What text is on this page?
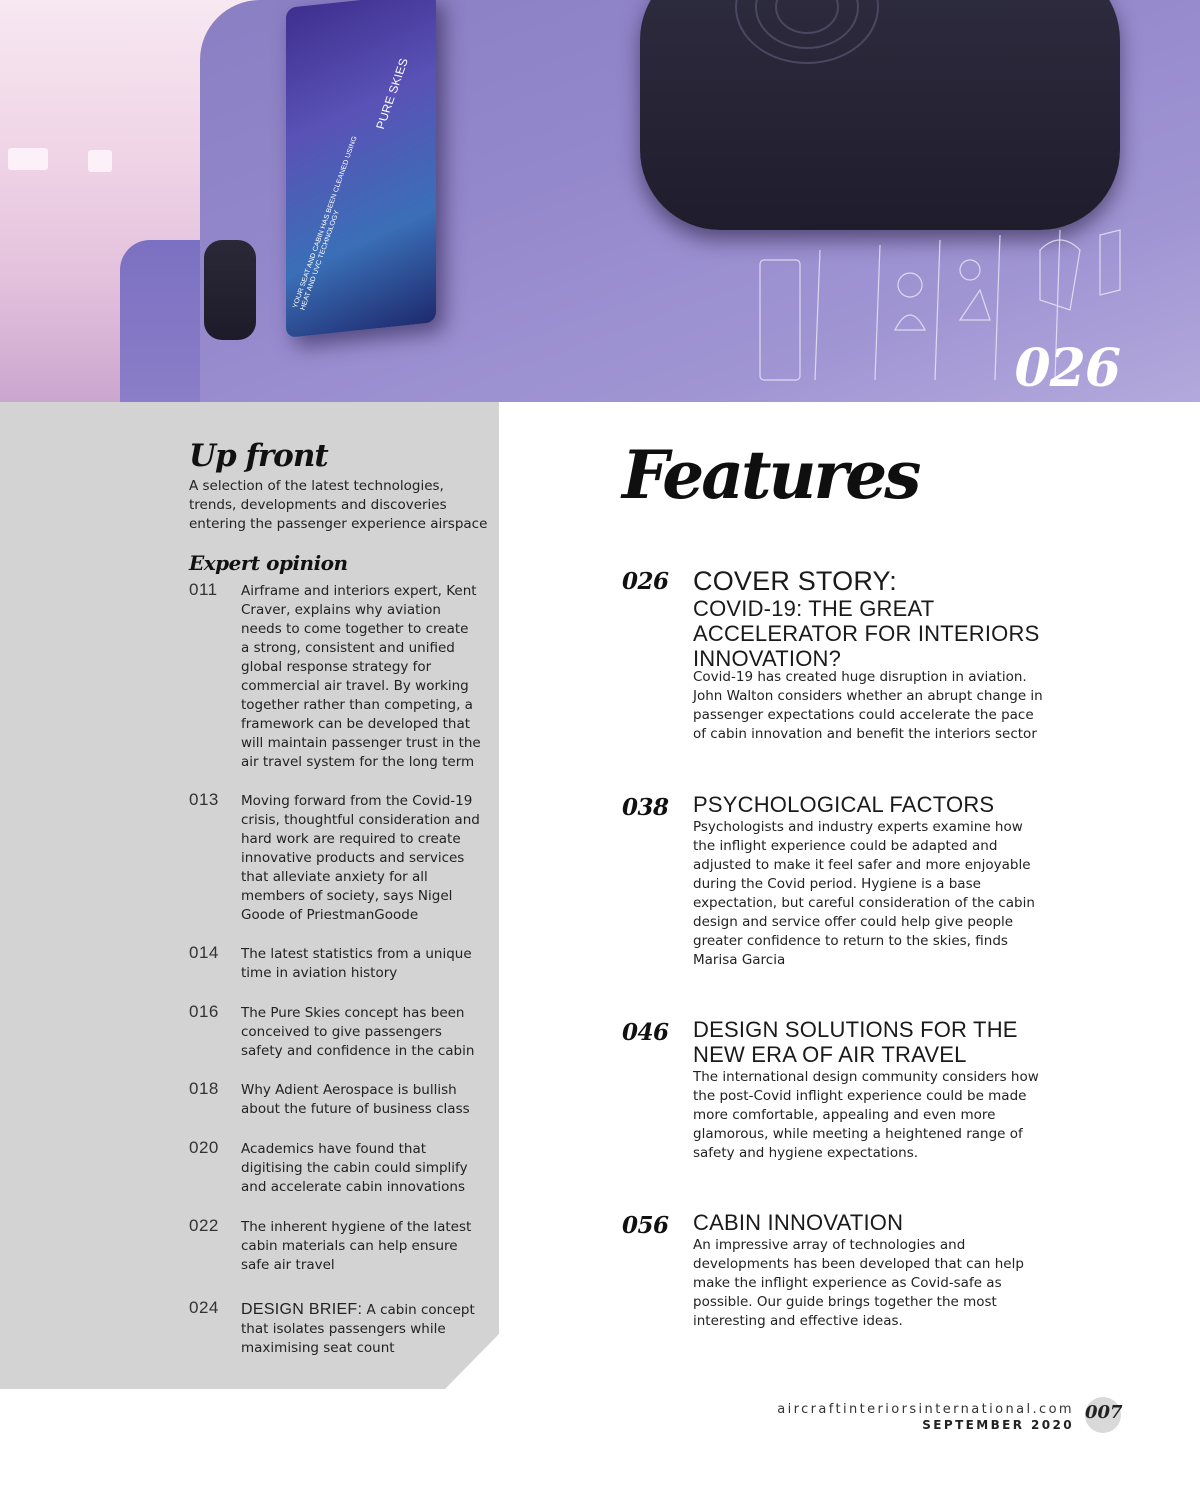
PURE SKIES
YOUR SEAT AND CABIN HAS BEEN CLEANED USING HEAT AND UVC TECHNOLOGY
026
Up front
A selection of the latest technologies, trends, developments and discoveries entering the passenger experience airspace
Expert opinion
011 Airframe and interiors expert, Kent Craver, explains why aviation needs to come together to create a strong, consistent and unified global response strategy for commercial air travel. By working together rather than competing, a framework can be developed that will maintain passenger trust in the air travel system for the long term
013 Moving forward from the Covid-19 crisis, thoughtful consideration and hard work are required to create innovative products and services that alleviate anxiety for all members of society, says Nigel Goode of PriestmanGoode
014 The latest statistics from a unique time in aviation history
016 The Pure Skies concept has been conceived to give passengers safety and confidence in the cabin
018 Why Adient Aerospace is bullish about the future of business class
020 Academics have found that digitising the cabin could simplify and accelerate cabin innovations
022 The inherent hygiene of the latest cabin materials can help ensure safe air travel
024 DESIGN BRIEF: A cabin concept that isolates passengers while maximising seat count
Features
026 COVER STORY:
COVID-19: THE GREAT ACCELERATOR FOR INTERIORS INNOVATION?
Covid-19 has created huge disruption in aviation. John Walton considers whether an abrupt change in passenger expectations could accelerate the pace of cabin innovation and benefit the interiors sector
038 PSYCHOLOGICAL FACTORS
Psychologists and industry experts examine how the inflight experience could be adapted and adjusted to make it feel safer and more enjoyable during the Covid period. Hygiene is a base expectation, but careful consideration of the cabin design and service offer could help give people greater confidence to return to the skies, finds Marisa Garcia
046 DESIGN SOLUTIONS FOR THE NEW ERA OF AIR TRAVEL
The international design community considers how the post-Covid inflight experience could be made more comfortable, appealing and even more glamorous, while meeting a heightened range of safety and hygiene expectations.
056 CABIN INNOVATION
An impressive array of technologies and developments has been developed that can help make the inflight experience as Covid-safe as possible. Our guide brings together the most interesting and effective ideas.
aircraftinteriorsinternational.com
SEPTEMBER 2020
007
